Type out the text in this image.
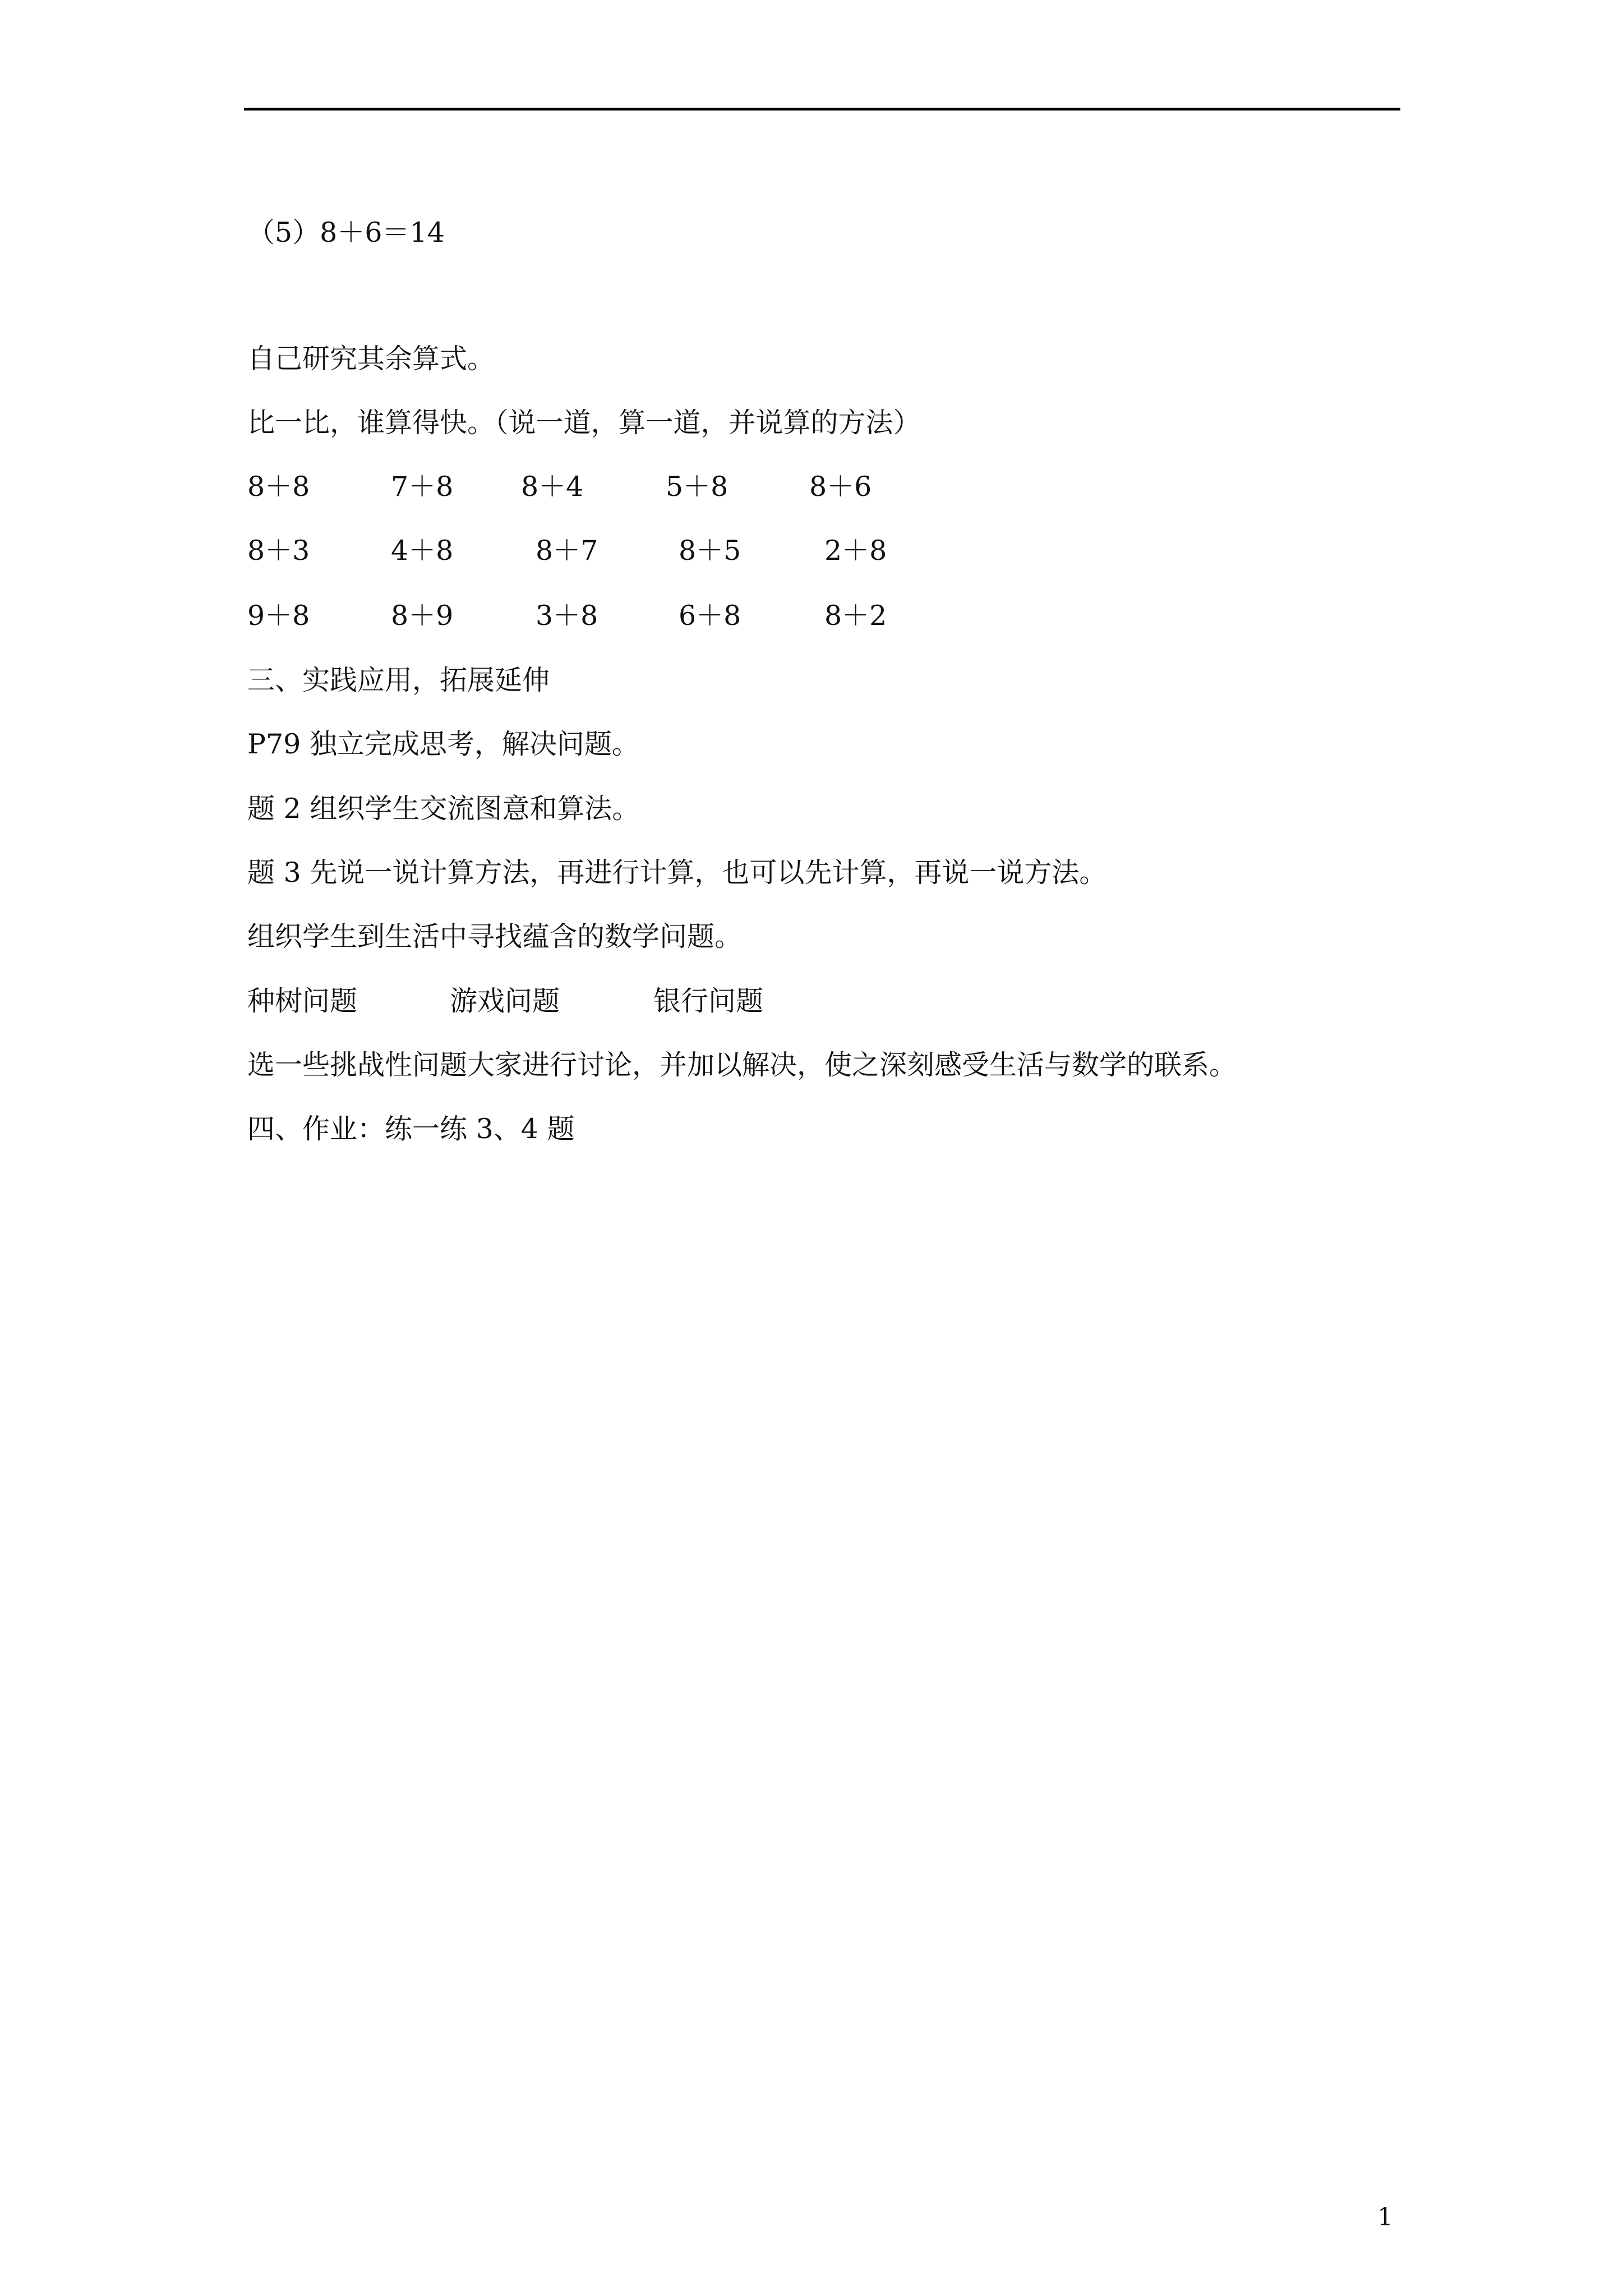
（5）8＋6＝14
自己研究其余算式。
比一比，谁算得快。（说一道，算一道，并说算的方法）
8＋8	7＋8 8＋4	5＋8	8＋6
8＋3	4＋8	8＋7	8＋5	2＋8
9＋8	8＋9	3＋8	6＋8	8＋2
三、实践应用，拓展延伸
P79 独立完成思考，解决问题。
题 2 组织学生交流图意和算法。
题 3 先说一说计算方法，再进行计算，也可以先计算，再说一说方法。
组织学生到生活中寻找蕴含的数学问题。
种树问题	游戏问题	银行问题
选一些挑战性问题大家进行讨论，并加以解决，使之深刻感受生活与数学的联系。
四、作业：练一练 3、4 题
1
